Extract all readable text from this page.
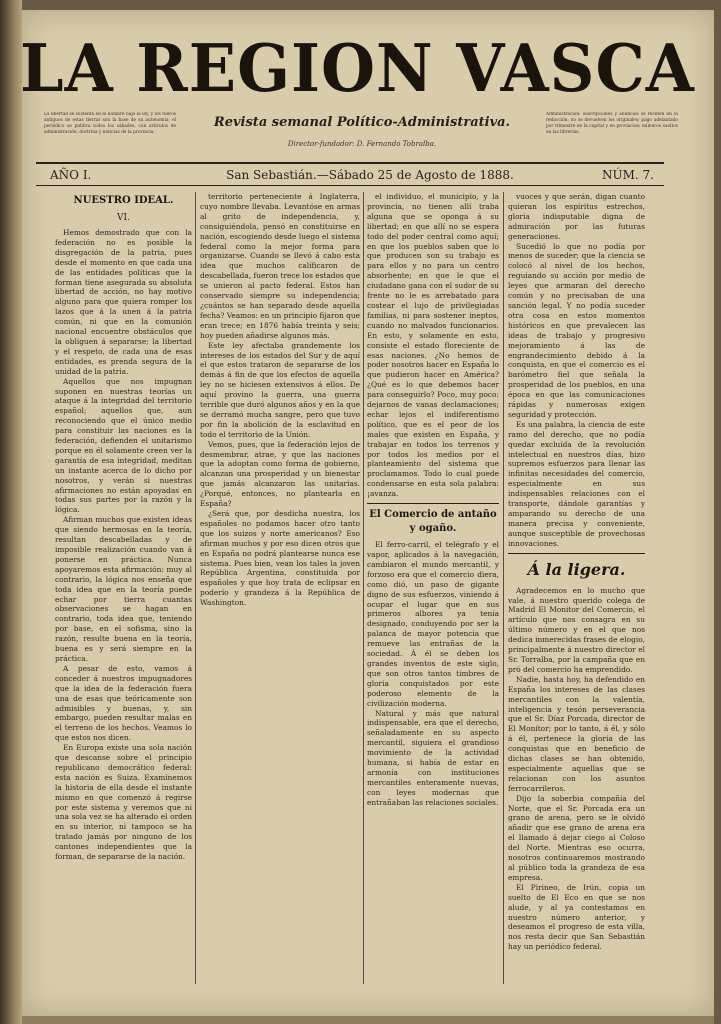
LA REGION VASCA
La libertad se sustenta en el hombre bajo la ley, y los fueros antiguos de estas tierras son la base de su autonomía; el periódico se publica todos los sábados, con artículos de administración, doctrina y noticias de la provincia.
Revista semanal Político-Administrativa.
Director-fundador: D. Fernando Tobralba.
Administración: suscripciones y anuncios se reciben en la redacción; no se devuelven los originales; pago adelantado por trimestre en la capital y en provincias; números sueltos en las librerías.
AÑO I.	San Sebastián.—Sábado 25 de Agosto de 1888.	NÚM. 7.
NUESTRO IDEAL.
VI.

Hemos demostrado que con la federación no es posible la disgregación de la patria, pues desde el momento en que cada una de las entidades políticas que la forman tiene asegurada su absoluta libertad de acción, no hay motivo alguno para que quiera romper los lazos que á la unen á la patria común, ni que en la comunión nacional encuentre obstáculos que la obliguen á separarse; la libertad y el respeto, de cada una de esas entidades, es prenda segura de la unidad de la patria.

Aquellos que nos impugnan suponen en nuestras teorías un ataque á la integridad del territorio español; aquellos que, aun reconociendo que el único medio para constituir las naciones es la federación, defienden el unitarismo porque en él solamente creen ver la garantía de esa integridad, meditan un instante acerca de lo dicho por nosotros, y verán si nuestras afirmaciones no están apoyadas en todas sus partes por la razón y la lógica.

Afirman muchos que existen ideas que siendo hermosas en la teoría, resultan descabelladas y de imposible realización cuando van á ponerse en práctica. Nunca apoyaremos esta afirmación: muy al contrario, la lógica nos enseña que toda idea que en la teoría puede echar por tierra cuantas observaciones se hagan en contrario, toda idea que, teniendo por base, en el sofisma, sino la razón, resulte buena en la teoría, buena es y será siempre en la práctica.

A pesar de esto, vamos á conceder á nuestros impugnadores que la idea de la federación fuera una de esas que teóricamente son admisibles y buenas, y, sin embargo, pueden resultar malas en el terreno de los hechos. Veamos lo que estos nos dicen.

En Europa existe una sola nación que descanse sobre el principio republicano democrático federal: esta nación es Suiza. Examinemos la historia de ella desde el instante mismo en que comenzó á regirse por este sistema y veremos que ni una sola vez se ha alterado el orden en su interior, ni tampoco se ha tratado jamás por ninguno de los cantones independientes que la forman, de separarse de la nación.

territorio perteneciente á Inglaterra, cuyo nombre llevaba. Levantóse en armas al grito de independencia, y, consiguiéndola, pensó en constituirse en nación, escogiendo desde luego el sistema federal como la mejor forma para organizarse. Cuando se llevó á cabo esta idea que muchos calificaron de descabellada, fueron trece los estados que se unieron al pacto federal. Estos han conservado siempre su independencia; ¿cuántos se han separado desde aquella fecha? Veamos: en un principio fijaron que eran trece; en 1876 había treinta y seis; hoy pueden añadirse algunos más.

Este ley afectaba grandemente los intereses de los estados del Sur y de aquí el que estos trataron de separarse de los demás á fin de que los efectos de aquella ley no se hiciesen extensivos á ellos. De aquí provino la guerra, una guerra terrible que duró algunos años y en la que se derramó mucha sangre, pero que tuvo por fin la abolición de la esclavitud en todo el territorio de la Unión.

Vemos, pues, que la federación lejos de desmembrar, atrae, y que las naciones que la adoptan como forma de gobierno, alcanzan una prosperidad y un bienestar que jamás alcanzaron las unitarias. ¿Porqué, entonces, no plantearla en España?

¿Será que, por desdicha nuestra, los españoles no podamos hacer otro tanto que los suizos y norte americanos? Eso afirman muchos y por eso dicen otros que en España no podrá plantearse nunca ese sistema. Pues bien, vean los tales la joven República Argentina, constituida por españoles y que hoy trata de eclipsar en poderío y grandeza á la República de Washington.

el individuo, el municipio, y la provincia, no tienen allí traba alguna que se oponga á su libertad; en que allí no se espera todo del poder central como aquí; en que los pueblos saben que lo que producen son su trabajo es para ellos y no para un centro absorbente; en que le que el ciudadano gana con el sudor de su frente no le es arrebatado para costear el lujo de privilegiadas familias, ni para sostener ineptos, cuando no malvados funcionarios. En esto, y solamente en esto, consiste el estado floreciente de esas naciones. ¿No hemos de poder nosotros hacer en España lo que pudieron hacer en América? ¿Qué es lo que debemos hacer para conseguirlo? Poco, muy poco: dejarnos de vanas declamaciones; echar lejos el indiferentismo político, que es el peor de los males que existen en España, y trabajar en todos los terrenos y por todos los medios por el planteamiento del sistema que proclamamos. Todo lo cual puede condensarse en esta sola palabra: ¡avanza.

El Comercio de antaño y ogaño.

El ferro-carril, el telégrafo y el vapor, aplicados á la navegación, cambiaron el mundo mercantil, y forzoso era que el comercio diera, como dió, un paso de gigante digno de sus esfuerzos, viniendo á ocupar el lugar que en sus primeros albores ya tenía designado, conduyendo por ser la palanca de mayor potencia que remueve las entrañas de la sociedad. Á él se deben los grandes inventos de este siglo, que son otros tantos timbres de gloria conquistados por este poderoso elemento de la civilización moderna.

Natural y más que natural indispensable, era que el derecho, señaladamente en su aspecto mercantil, siguiera el grandioso movimiento de la actividad humana, si había de estar en armonía con instituciones mercantiles enteramente nuevas, con leyes modernas que entrañaban las relaciones sociales.

vuoces y que serán, digan cuanto quieran los espíritus estrechos, gloria indisputable digna de admiración por las futuras generaciones.

Sucedió lo que no podía por menos de suceder; que la ciencia se colocó al nivel de los hechos, reguiando su acción por medio de leyes que armaran del derecho común y no precisaban de una sanción legal. Y no podía suceder otra cosa en estos momentos históricos en que prevalecen las ideas de trabajo y progresivo mejoramiento á las de engrandecimiento debido á la conquista, en que el comercio es el barómetro fiel que señala la prosperidad de los pueblos, en una época en que las comunicaciones rápidas y numerosas exigen seguridad y protección.

Es una palabra, la ciencia de este ramo del derecho, que no podía quedar excluída de la revolución intelectual en nuestros días, hizo supremos esfuerzos para llenar las infinitas necesidades del comercio, especialmente en sus indispensables relaciones con el transporte, dándole garantías y amparando su derecho de una manera precisa y conveniente, aunque susceptible de provechosas innovaciones.

Á la ligera.

Agradecemos en lo mucho que vale, á nuestro querido colega de Madrid El Monitor del Comercio, el artículo que nos consagra en su último número y en el que nos dedica inmerecidas frases de elogio, principalmente á nuestro director el Sr. Torralba, por la campaña que en pró del comercio ha emprendido.

Nadie, hasta hoy, ha defendido en España los intereses de las clases mercantiles con la valentía, inteligencia y tesón perseverancia que el Sr. Díaz Porcada, director de El Monitor; por lo tanto, á él, y sólo á él, pertenece la gloria de las conquistas que en beneficio de dichas clases se han obtenido, especialmente aquellas que se relacionan con los asuntos ferrocarrileros.

Dijo la soberbia compañía del Norte, que el Sr. Porcada era un grano de arena, pero se le olvidó añadir que ese grano de arena era el llamado á dejar ciego al Coloso del Norte. Mientras eso ocurra, nosotros continuaremos mostrando al público toda la grandeza de esa empresa.

El Pirineo, de Irún, copia un suelto de El Eco en que se nos alude, y al ya contestamos en nuestro número anterior, y deseamos el progreso de esta villa, nos resta decir que San Sebastián hay un periódico federal.
